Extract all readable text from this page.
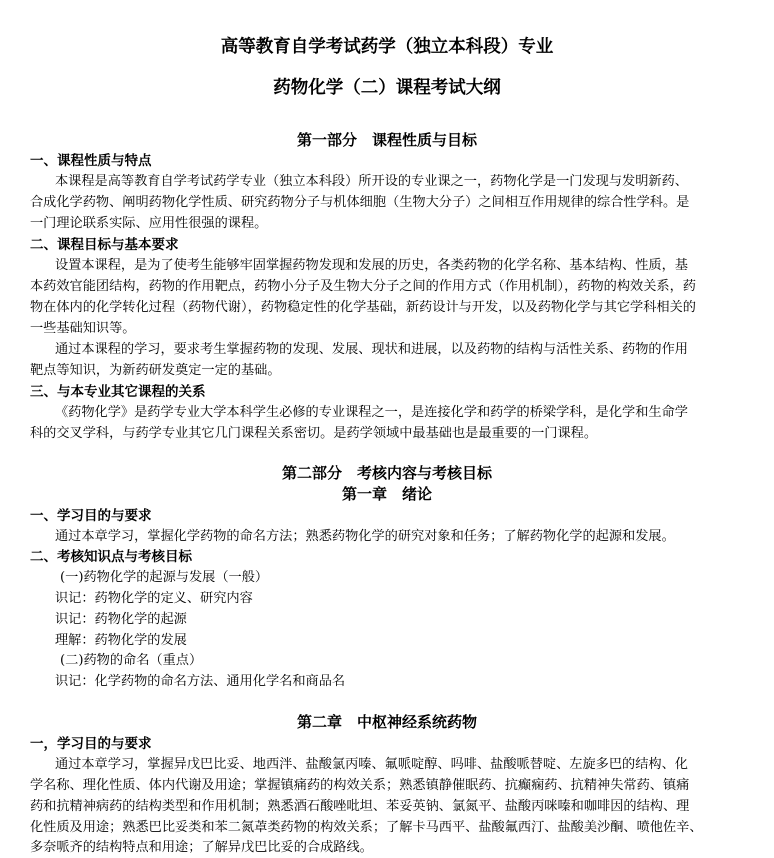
高等教育自学考试药学（独立本科段）专业
药物化学（二）课程考试大纲
第一部分　课程性质与目标
一、课程性质与特点
本课程是高等教育自学考试药学专业（独立本科段）所开设的专业课之一，药物化学是一门发现与发明新药、
合成化学药物、阐明药物化学性质、研究药物分子与机体细胞（生物大分子）之间相互作用规律的综合性学科。是
一门理论联系实际、应用性很强的课程。
二、课程目标与基本要求
设置本课程，是为了使考生能够牢固掌握药物发现和发展的历史，各类药物的化学名称、基本结构、性质，基
本药效官能团结构，药物的作用靶点，药物小分子及生物大分子之间的作用方式（作用机制），药物的构效关系，药
物在体内的化学转化过程（药物代谢），药物稳定性的化学基础，新药设计与开发，以及药物化学与其它学科相关的
一些基础知识等。
通过本课程的学习，要求考生掌握药物的发现、发展、现状和进展，以及药物的结构与活性关系、药物的作用
靶点等知识，为新药研发奠定一定的基础。
三、与本专业其它课程的关系
《药物化学》是药学专业大学本科学生必修的专业课程之一，是连接化学和药学的桥梁学科，是化学和生命学
科的交叉学科，与药学专业其它几门课程关系密切。是药学领域中最基础也是最重要的一门课程。
第二部分　考核内容与考核目标
第一章　绪论
一、学习目的与要求
通过本章学习，掌握化学药物的命名方法；熟悉药物化学的研究对象和任务；了解药物化学的起源和发展。
二、考核知识点与考核目标
(一)药物化学的起源与发展（一般）
识记：药物化学的定义、研究内容
识记：药物化学的起源
理解：药物化学的发展
(二)药物的命名（重点）
识记：化学药物的命名方法、通用化学名和商品名
第二章　中枢神经系统药物
一，学习目的与要求
通过本章学习，掌握异戊巴比妥、地西泮、盐酸氯丙嗪、氟哌啶醇、吗啡、盐酸哌替啶、左旋多巴的结构、化
学名称、理化性质、体内代谢及用途；掌握镇痛药的构效关系；熟悉镇静催眠药、抗癫痫药、抗精神失常药、镇痛
药和抗精神病药的结构类型和作用机制；熟悉酒石酸唑吡坦、苯妥英钠、氯氮平、盐酸丙咪嗪和咖啡因的结构、理
化性质及用途；熟悉巴比妥类和苯二氮䓬类药物的构效关系；了解卡马西平、盐酸氟西汀、盐酸美沙酮、喷他佐辛、
多奈哌齐的结构特点和用途；了解异戊巴比妥的合成路线。
